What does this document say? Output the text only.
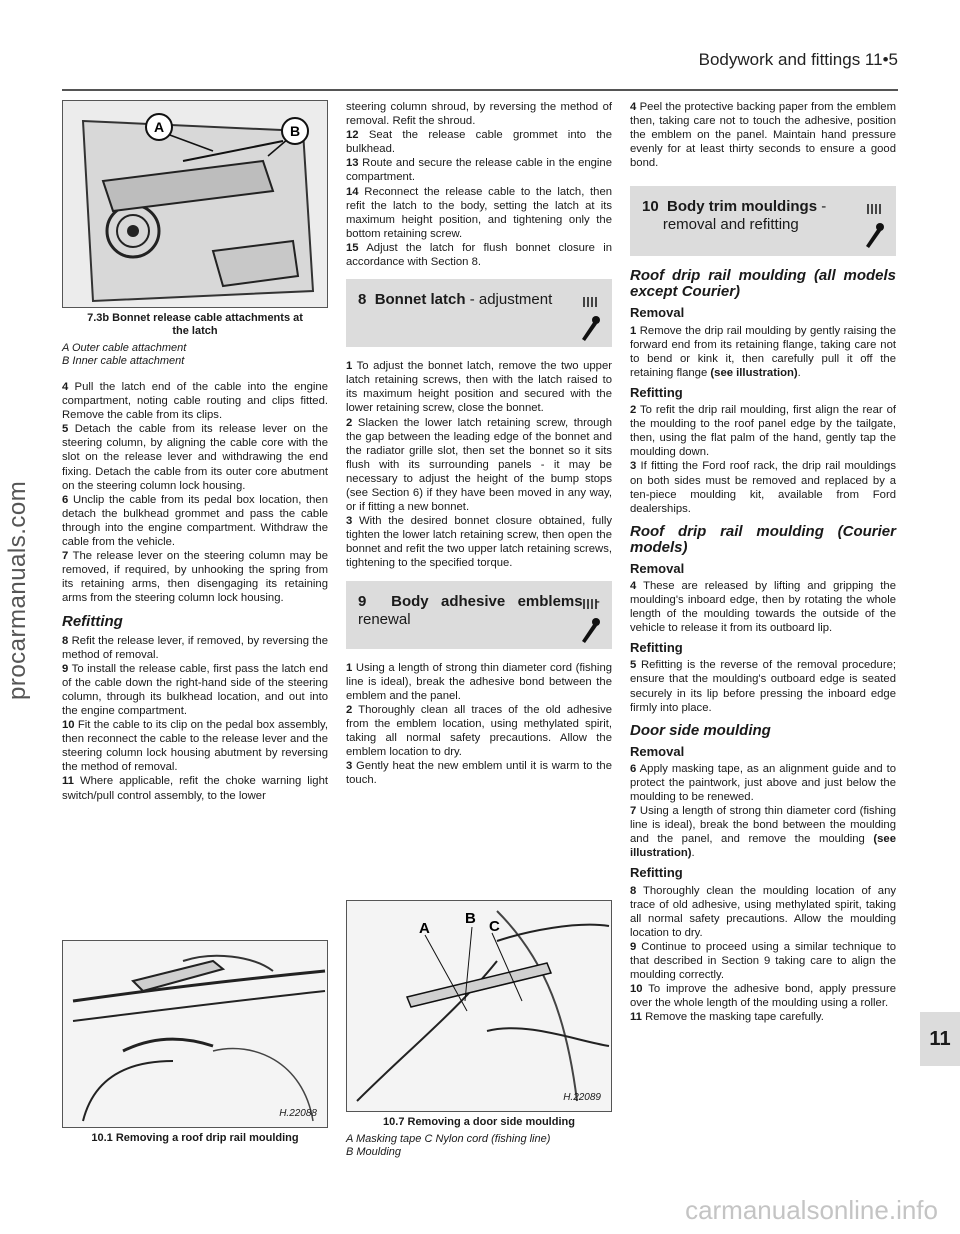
Bodywork and fittings 11•5
A	B
7.3b Bonnet release cable attachments at
the latch
A Outer cable attachment
B Inner cable attachment

4 Pull the latch end of the cable into the engine compartment, noting cable routing and clips fitted. Remove the cable from its clips.

5 Detach the cable from its release lever on the steering column, by aligning the cable core with the slot on the release lever and withdrawing the end fixing. Detach the cable from its outer core abutment on the steering column lock housing.

6 Unclip the cable from its pedal box location, then detach the bulkhead grommet and pass the cable through into the engine compartment. Withdraw the cable from the vehicle.

7 The release lever on the steering column may be removed, if required, by unhooking the spring from its retaining arms, then disengaging its retaining arms from the steering column lock housing.

Refitting

8 Refit the release lever, if removed, by reversing the method of removal.

9 To install the release cable, first pass the latch end of the cable down the right-hand side of the steering column, through its bulkhead location, and out into the engine compartment.

10 Fit the cable to its clip on the pedal box assembly, then reconnect the cable to the release lever and the steering column lock housing abutment by reversing the method of removal.

11 Where applicable, refit the choke warning light switch/pull control assembly, to the lower

H.22088
10.1 Removing a roof drip rail moulding

steering column shroud, by reversing the method of removal. Refit the shroud.

12 Seat the release cable grommet into the bulkhead.

13 Route and secure the release cable in the engine compartment.

14 Reconnect the release cable to the latch, then refit the latch to the body, setting the latch at its maximum height position, and tightening only the bottom retaining screw.

15 Adjust the latch for flush bonnet closure in accordance with Section 8.

8 Bonnet latch - adjustment

1 To adjust the bonnet latch, remove the two upper latch retaining screws, then with the latch raised to its maximum height position and secured with the lower retaining screw, close the bonnet.

2 Slacken the lower latch retaining screw, through the gap between the leading edge of the bonnet and the radiator grille slot, then set the bonnet so it sits flush with its surrounding panels - it may be necessary to adjust the height of the bump stops (see Section 6) if they have been moved in any way, or if fitting a new bonnet.

3 With the desired bonnet closure obtained, fully tighten the lower latch retaining screw, then open the bonnet and refit the two upper latch retaining screws, tightening to the specified torque.

9 Body adhesive emblems - renewal

1 Using a length of strong thin diameter cord (fishing line is ideal), break the adhesive bond between the emblem and the panel.

2 Thoroughly clean all traces of the old adhesive from the emblem location, using methylated spirit, taking all normal safety precautions. Allow the emblem location to dry.

3 Gently heat the new emblem until it is warm to the touch.

A
B C
H.22089
10.7 Removing a door side moulding
A Masking tape C Nylon cord (fishing line)
B Moulding

4 Peel the protective backing paper from the emblem then, taking care not to touch the adhesive, position the emblem on the panel. Maintain hand pressure evenly for at least thirty seconds to ensure a good bond.

10 Body trim mouldings -
removal and refitting
Roof drip rail moulding (all models except Courier)
Removal

1 Remove the drip rail moulding by gently raising the forward end from its retaining flange, taking care not to bend or kink it, then carefully pull it off the retaining flange (see illustration).

Refitting

2 To refit the drip rail moulding, first align the rear of the moulding to the roof panel edge by the tailgate, then, using the flat palm of the hand, gently tap the moulding down.

3 If fitting the Ford roof rack, the drip rail mouldings on both sides must be removed and replaced by a ten-piece moulding kit, available from Ford dealerships.

Roof drip rail moulding (Courier models)
Removal

4 These are released by lifting and gripping the moulding's inboard edge, then by rotating the whole length of the moulding towards the outside of the vehicle to release it from its outboard lip.

Refitting

5 Refitting is the reverse of the removal procedure; ensure that the moulding's outboard edge is seated securely in its lip before pressing the inboard edge firmly into place.

Door side moulding
Removal

6 Apply masking tape, as an alignment guide and to protect the paintwork, just above and just below the moulding to be renewed.

7 Using a length of strong thin diameter cord (fishing line is ideal), break the bond between the moulding and the panel, and remove the moulding (see illustration).

Refitting

8 Thoroughly clean the moulding location of any trace of old adhesive, using methylated spirit, taking all normal safety precautions. Allow the moulding location to dry.

9 Continue to proceed using a similar technique to that described in Section 9 taking care to align the moulding correctly.

10 To improve the adhesive bond, apply pressure over the whole length of the moulding using a roller.

11 Remove the masking tape carefully.

11
procarmanuals.com
carmanualsonline.info
